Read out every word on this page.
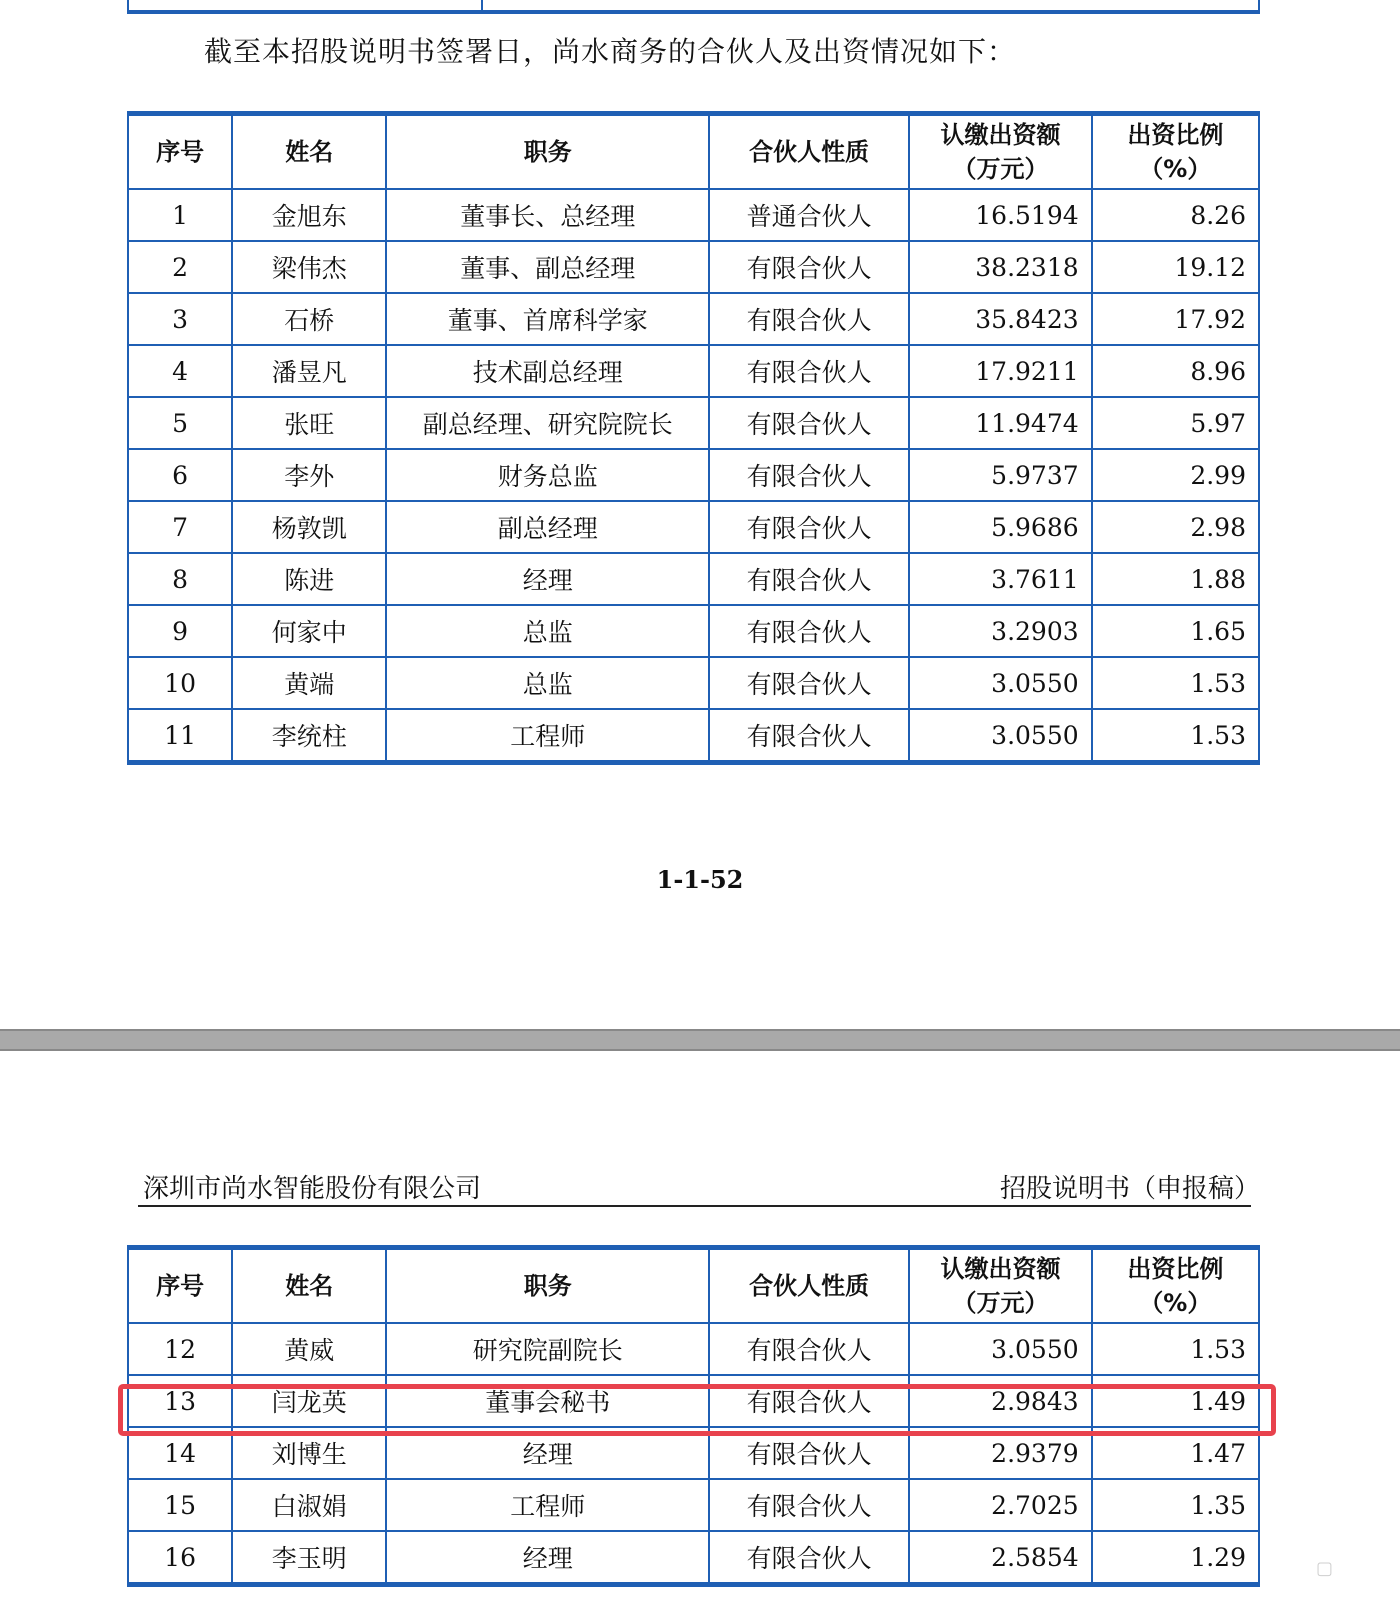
截至本招股说明书签署日，尚水商务的合伙人及出资情况如下：
序号	姓名	职务	合伙人性质	认缴出资额（万元）	出资比例（%）
1	金旭东	董事长、总经理	普通合伙人	16.5194	8.26
2	梁伟杰	董事、副总经理	有限合伙人	38.2318	19.12
3	石桥	董事、首席科学家	有限合伙人	35.8423	17.92
4	潘昱凡	技术副总经理	有限合伙人	17.9211	8.96
5	张旺	副总经理、研究院院长	有限合伙人	11.9474	5.97
6	李外	财务总监	有限合伙人	5.9737	2.99
7	杨敦凯	副总经理	有限合伙人	5.9686	2.98
8	陈进	经理	有限合伙人	3.7611	1.88
9	何家中	总监	有限合伙人	3.2903	1.65
10	黄端	总监	有限合伙人	3.0550	1.53
11	李统柱	工程师	有限合伙人	3.0550	1.53
1-1-52
深圳市尚水智能股份有限公司	招股说明书（申报稿）
序号	姓名	职务	合伙人性质	认缴出资额（万元）	出资比例（%）
12	黄威	研究院副院长	有限合伙人	3.0550	1.53
13	闫龙英	董事会秘书	有限合伙人	2.9843	1.49
14	刘博生	经理	有限合伙人	2.9379	1.47
15	白淑娟	工程师	有限合伙人	2.7025	1.35
16	李玉明	经理	有限合伙人	2.5854	1.29	▢
